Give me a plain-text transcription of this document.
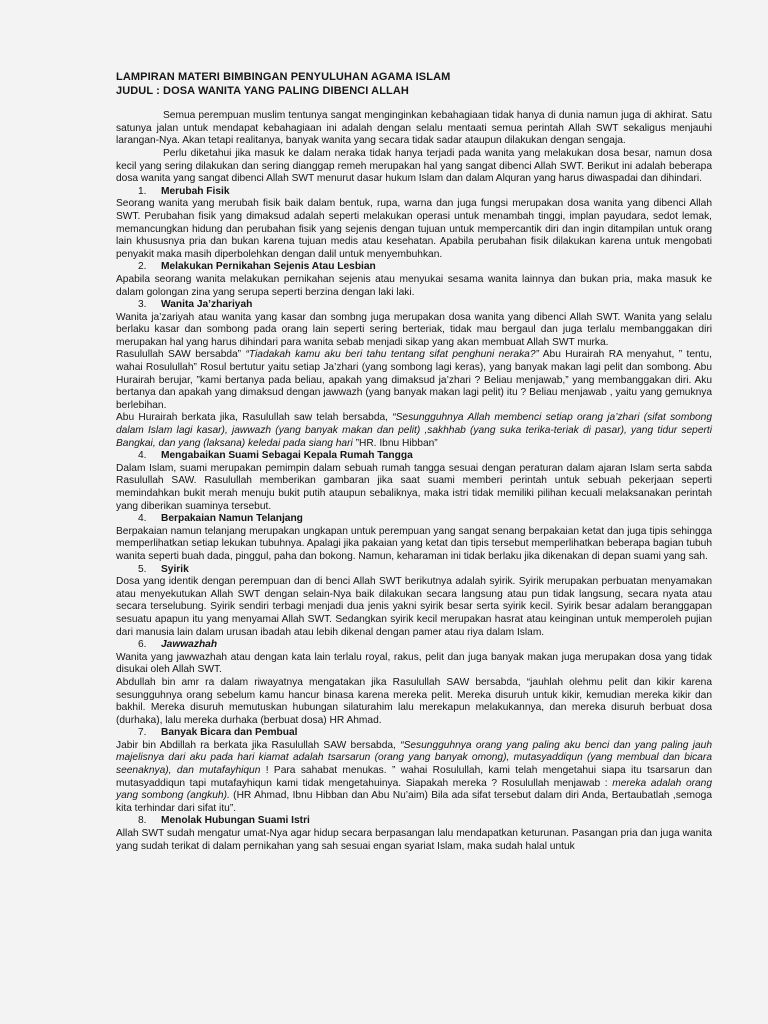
LAMPIRAN MATERI BIMBINGAN PENYULUHAN AGAMA ISLAM

JUDUL : DOSA WANITA YANG PALING DIBENCI ALLAH

Semua perempuan muslim tentunya sangat menginginkan kebahagiaan tidak hanya di dunia namun juga di akhirat. Satu satunya jalan untuk mendapat kebahagiaan ini adalah dengan selalu mentaati semua perintah Allah SWT sekaligus menjauhi larangan-Nya. Akan tetapi realitanya, banyak wanita yang secara tidak sadar ataupun dilakukan dengan sengaja.

Perlu diketahui jika masuk ke dalam neraka tidak hanya terjadi pada wanita yang melakukan dosa besar, namun dosa kecil yang sering dilakukan dan sering dianggap remeh merupakan hal yang sangat dibenci Allah SWT. Berikut ini adalah beberapa dosa wanita yang sangat dibenci Allah SWT menurut dasar hukum Islam dan dalam Alquran yang harus diwaspadai dan dihindari.

1. Merubah Fisik

Seorang wanita yang merubah fisik baik dalam bentuk, rupa, warna dan juga fungsi merupakan dosa wanita yang dibenci Allah SWT. Perubahan fisik yang dimaksud adalah seperti melakukan operasi untuk menambah tinggi, implan payudara, sedot lemak, memancungkan hidung dan perubahan fisik yang sejenis dengan tujuan untuk mempercantik diri dan ingin ditampilan untuk orang lain khususnya pria dan bukan karena tujuan medis atau kesehatan. Apabila perubahan fisik dilakukan karena untuk mengobati penyakit maka masih diperbolehkan dengan dalil untuk menyembuhkan.

2. Melakukan Pernikahan Sejenis Atau Lesbian

Apabila seorang wanita melakukan pernikahan sejenis atau menyukai sesama wanita lainnya dan bukan pria, maka masuk ke dalam golongan zina yang serupa seperti berzina dengan laki laki.

3. Wanita Ja’zhariyah

Wanita ja’zariyah atau wanita yang kasar dan sombng juga merupakan dosa wanita yang dibenci Allah SWT. Wanita yang selalu berlaku kasar dan sombong pada orang lain seperti sering berteriak, tidak mau bergaul dan juga terlalu membanggakan diri merupakan hal yang harus dihindari para wanita sebab menjadi sikap yang akan membuat Allah SWT murka.

Rasulullah SAW bersabda” “Tiadakah kamu aku beri tahu tentang sifat penghuni neraka?” Abu Hurairah RA menyahut, ” tentu, wahai Rosulullah” Rosul bertutur yaitu setiap Ja’zhari (yang sombong lagi keras), yang banyak makan lagi pelit dan sombong. Abu Hurairah berujar, ”kami bertanya pada beliau, apakah yang dimaksud ja’zhari ? Beliau menjawab,” yang membanggakan diri. Aku bertanya dan apakah yang dimaksud dengan jawwazh (yang banyak makan lagi pelit) itu ? Beliau menjawab , yaitu yang gemuknya berlebihan.

Abu Hurairah berkata jika, Rasulullah saw telah bersabda, “Sesungguhnya Allah membenci setiap orang ja’zhari (sifat sombong dalam Islam lagi kasar), jawwazh (yang banyak makan dan pelit) ,sakhhab (yang suka terika-teriak di pasar), yang tidur seperti Bangkai, dan yang (laksana) keledai pada siang hari ”HR. Ibnu Hibban”

4. Mengabaikan Suami Sebagai Kepala Rumah Tangga

Dalam Islam, suami merupakan pemimpin dalam sebuah rumah tangga sesuai dengan peraturan dalam ajaran Islam serta sabda Rasulullah SAW. Rasulullah memberikan gambaran jika saat suami memberi perintah untuk sebuah pekerjaan seperti memindahkan bukit merah menuju bukit putih ataupun sebaliknya, maka istri tidak memiliki pilihan kecuali melaksanakan perintah yang diberikan suaminya tersebut.

4. Berpakaian Namun Telanjang

Berpakaian namun telanjang merupakan ungkapan untuk perempuan yang sangat senang berpakaian ketat dan juga tipis sehingga memperlihatkan setiap lekukan tubuhnya. Apalagi jika pakaian yang ketat dan tipis tersebut memperlihatkan beberapa bagian tubuh wanita seperti buah dada, pinggul, paha dan bokong. Namun, keharaman ini tidak berlaku jika dikenakan di depan suami yang sah.

5. Syirik

Dosa yang identik dengan perempuan dan di benci Allah SWT berikutnya adalah syirik. Syirik merupakan perbuatan menyamakan atau menyekutukan Allah SWT dengan selain-Nya baik dilakukan secara langsung atau pun tidak langsung, secara nyata atau secara terselubung. Syirik sendiri terbagi menjadi dua jenis yakni syirik besar serta syirik kecil. Syirik besar adalam beranggapan sesuatu apapun itu yang menyamai Allah SWT. Sedangkan syirik kecil merupakan hasrat atau keinginan untuk memperoleh pujian dari manusia lain dalam urusan ibadah atau lebih dikenal dengan pamer atau riya dalam Islam.

6. Jawwazhah

Wanita yang jawwazhah atau dengan kata lain terlalu royal, rakus, pelit dan juga banyak makan juga merupakan dosa yang tidak disukai oleh Allah SWT.

Abdullah bin amr ra dalam riwayatnya mengatakan jika Rasulullah SAW bersabda, “jauhlah olehmu pelit dan kikir karena sesungguhnya orang sebelum kamu hancur binasa karena mereka pelit. Mereka disuruh untuk kikir, kemudian mereka kikir dan bakhil. Mereka disuruh memutuskan hubungan silaturahim lalu merekapun melakukannya, dan mereka disuruh berbuat dosa (durhaka), lalu mereka durhaka (berbuat dosa) HR Ahmad.

7. Banyak Bicara dan Pembual

Jabir bin Abdillah ra berkata jika Rasulullah SAW bersabda, “Sesungguhnya orang yang paling aku benci dan yang paling jauh majelisnya dari aku pada hari kiamat adalah tsarsarun (orang yang banyak omong), mutasyaddiqun (yang membual dan bicara seenaknya), dan mutafayhiqun ! Para sahabat menukas. ” wahai Rosulullah, kami telah mengetahui siapa itu tsarsarun dan mutasyaddiqun tapi mutafayhiqun kami tidak mengetahuinya. Siapakah mereka ? Rosulullah menjawab : mereka adalah orang yang sombong (angkuh). (HR Ahmad, Ibnu Hibban dan Abu Nu’aim) Bila ada sifat tersebut dalam diri Anda, Bertaubatlah ,semoga kita terhindar dari sifat itu”.

8. Menolak Hubungan Suami Istri

Allah SWT sudah mengatur umat-Nya agar hidup secara berpasangan lalu mendapatkan keturunan. Pasangan pria dan juga wanita yang sudah terikat di dalam pernikahan yang sah sesuai engan syariat Islam, maka sudah halal untuk
